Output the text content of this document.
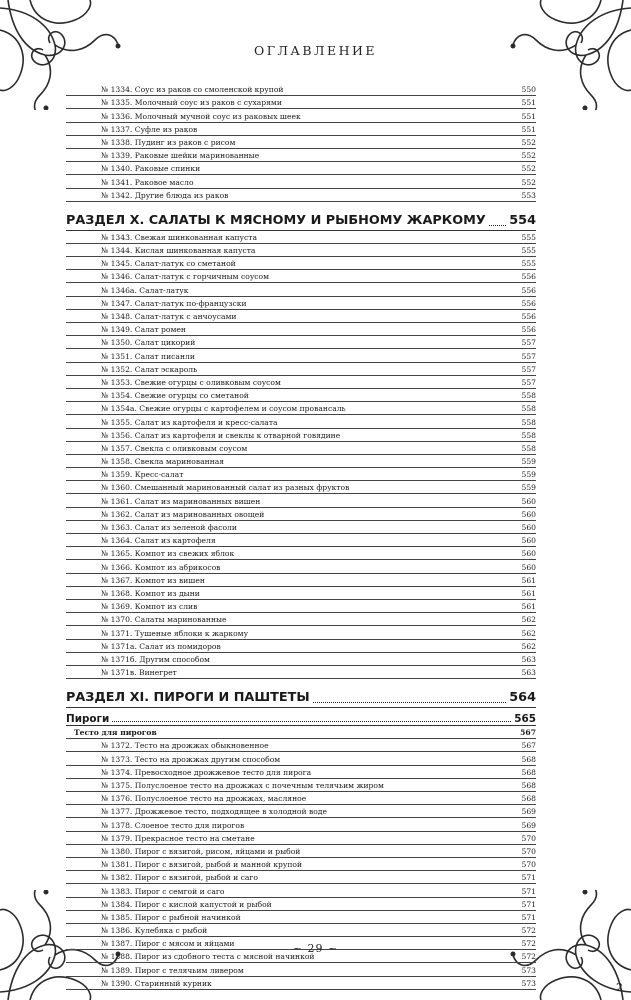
ОГЛАВЛЕНИЕ
№ 1334. Соус из раков со смоленской крупой	550
№ 1335. Молочный соус из раков с сухарями	551
№ 1336. Молочный мучной соус из раковых шеек	551
№ 1337. Суфле из раков	551
№ 1338. Пудинг из раков с рисом	552
№ 1339. Раковые шейки маринованные	552
№ 1340. Раковые спинки	552
№ 1341. Раковое масло	552
№ 1342. Другие блюда из раков	553
РАЗДЕЛ X. САЛАТЫ К МЯСНОМУ И РЫБНОМУ ЖАРКОМУ 554
№ 1343. Свежая шинкованная капуста	555
№ 1344. Кислая шинкованная капуста	555
№ 1345. Салат-латук со сметаной	555
№ 1346. Салат-латук с горчичным соусом	556
№ 1346а. Салат-латук	556
№ 1347. Салат-латук по-французски	556
№ 1348. Салат-латук с анчоусами	556
№ 1349. Салат ромен	556
№ 1350. Салат цикорий	557
№ 1351. Салат писанли	557
№ 1352. Салат эскароль	557
№ 1353. Свежие огурцы с оливковым соусом	557
№ 1354. Свежие огурцы со сметаной	558
№ 1354а. Свежие огурцы с картофелем и соусом провансаль	558
№ 1355. Салат из картофеля и кресс-салата	558
№ 1356. Салат из картофеля и свеклы к отварной говядине	558
№ 1357. Свекла с оливковым соусом	558
№ 1358. Свекла маринованная	559
№ 1359. Кресс-салат	559
№ 1360. Смешанный маринованный салат из разных фруктов	559
№ 1361. Салат из маринованных вишен	560
№ 1362. Салат из маринованных овощей	560
№ 1363. Салат из зеленой фасоли	560
№ 1364. Салат из картофеля	560
№ 1365. Компот из свежих яблок	560
№ 1366. Компот из абрикосов	560
№ 1367. Компот из вишен	561
№ 1368. Компот из дыни	561
№ 1369. Компот из слив	561
№ 1370. Салаты маринованные	562
№ 1371. Тушеные яблоки к жаркому	562
№ 1371а. Салат из помидоров	562
№ 1371б. Другим способом	563
№ 1371в. Винегрет	563
РАЗДЕЛ XI. ПИРОГИ И ПАШТЕТЫ	564
Пироги	565
Тесто для пирогов	567
№ 1372. Тесто на дрожжах обыкновенное	567
№ 1373. Тесто на дрожжах другим способом	568
№ 1374. Превосходное дрожжевое тесто для пирога	568
№ 1375. Полуслоеное тесто на дрожжах с почечным телячьим жиром	568
№ 1376. Полуслоеное тесто на дрожжах, масляное	568
№ 1377. Дрожжевое тесто, подходящее в холодной воде	569
№ 1378. Слоеное тесто для пирогов	569
№ 1379. Прекрасное тесто на сметане	570
№ 1380. Пирог с вязигой, рисом, яйцами и рыбой	570
№ 1381. Пирог с вязигой, рыбой и манной крупой	570
№ 1382. Пирог с вязигой, рыбой и саго	571
№ 1383. Пирог с семгой и саго	571
№ 1384. Пирог с кислой капустой и рыбой	571
№ 1385. Пирог с рыбной начинкой	571
№ 1386. Кулебяка с рыбой	572
№ 1387. Пирог с мясом и яйцами	572
№ 1388. Пирог из сдобного теста с мясной начинкой	572
№ 1389. Пирог с телячьим ливером	573
№ 1390. Старинный курник	573
~ 29 ~
2
